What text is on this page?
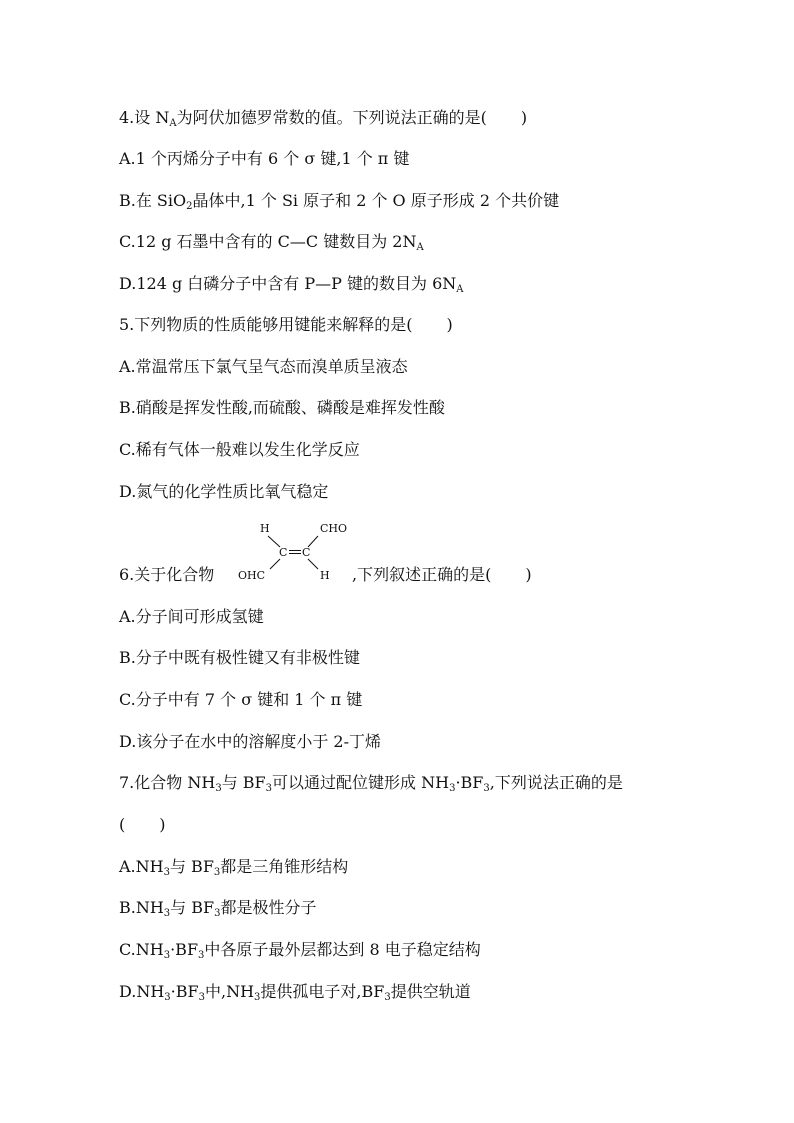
4.设 $N_A$为阿伏加德罗常数的值。下列说法正确的是( )
A.1 个丙烯分子中有 6 个 σ 键,1 个 π 键
B.在 SiO$_2$晶体中,1 个 Si 原子和 2 个 O 原子形成 2 个共价键
C.12 g 石墨中含有的 C—C 键数目为 $2N_A$
D.124 g 白磷分子中含有 P—P 键的数目为 $6N_A$
5.下列物质的性质能够用键能来解释的是( )
A.常温常压下氯气呈气态而溴单质呈液态
B.硝酸是挥发性酸,而硫酸、磷酸是难挥发性酸
C.稀有气体一般难以发生化学反应
D.氮气的化学性质比氧气稳定
6.关于化合物
H	CHO
C C
OHC	H ,下列叙述正确的是( )
A.分子间可形成氢键
B.分子中既有极性键又有非极性键
C.分子中有 7 个 σ 键和 1 个 π 键
D.该分子在水中的溶解度小于 2-丁烯
7.化合物 $NH_3$与 $BF_3$可以通过配位键形成 $NH_3\cdot BF_3$,下列说法正确的是
( )
$A.NH_3$与 $BF_3$都是三角锥形结构
$B.NH_3$与 $BF_3$都是极性分子
$C.NH_3\cdot BF_3$中各原子最外层都达到 8 电子稳定结构
$D.NH_3\cdot BF_3$中$,NH_3$提供孤电子对$,BF_3$提供空轨道
